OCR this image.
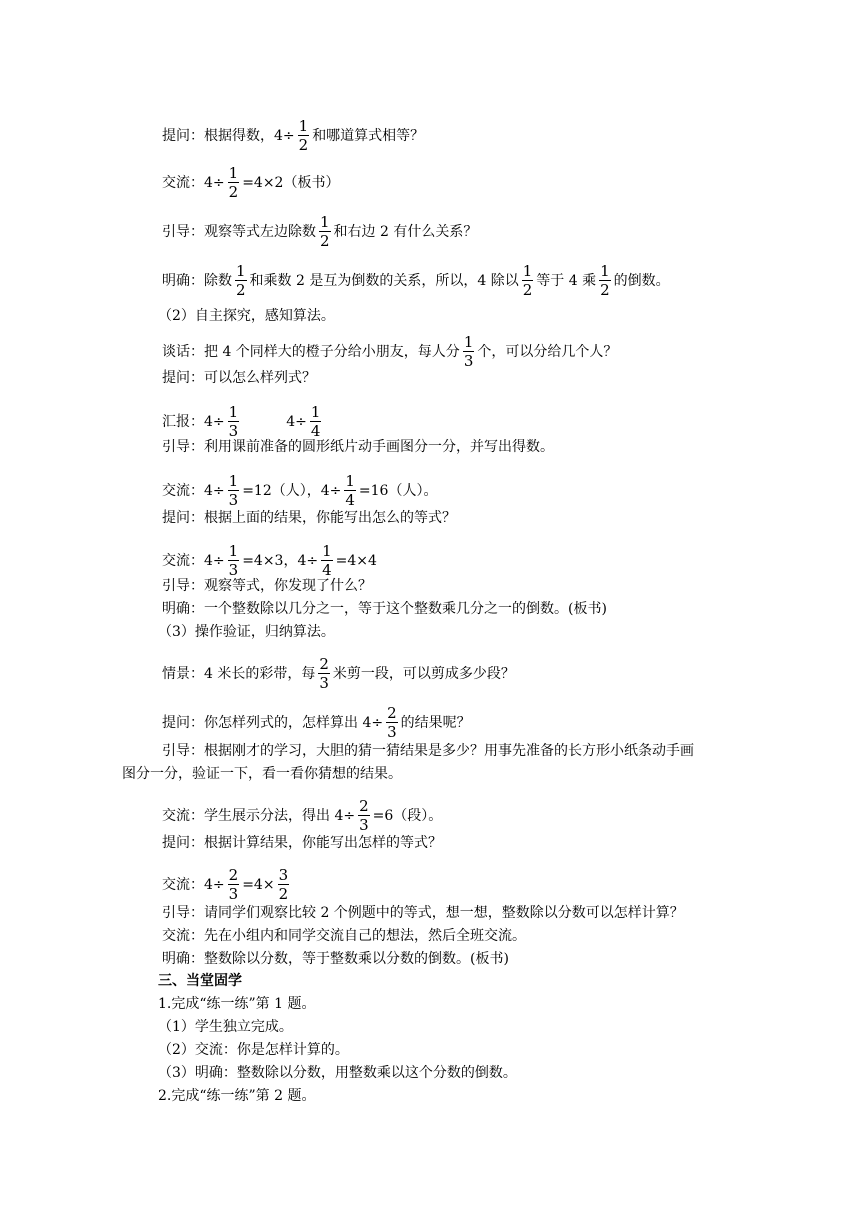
提问：根据得数，$4\div \frac{1}{2}$ 和哪道算式相等？
交流：$4\div \frac{1}{2} =4\times 2$（板书）
引导：观察等式左边除数 $\frac{1}{2}$ 和右边 2 有什么关系？
明确：除数 $\frac{1}{2}$ 和乘数 2 是互为倒数的关系，所以，4 除以 $\frac{1}{2}$ 等于 4 乘 $\frac{1}{2}$ 的倒数。
（2）自主探究，感知算法。
谈话：把 4 个同样大的橙子分给小朋友，每人分 $\frac{1}{3}$ 个，可以分给几个人？
提问：可以怎么样列式？
汇报：$4\div \frac{1}{3}$	$4\div \frac{1}{4}$
引导：利用课前准备的圆形纸片动手画图分一分，并写出得数。
交流：$4\div \frac{1}{3} =12$（人），$4\div \frac{1}{4} =16$（人）。
提问：根据上面的结果，你能写出怎么的等式？
交流：$4\div \frac{1}{3} =4\times 3$，$4\div \frac{1}{4} =4\times 4$
引导：观察等式，你发现了什么？
明确：一个整数除以几分之一，等于这个整数乘几分之一的倒数。(板书)
（3）操作验证，归纳算法。
情景：4 米长的彩带，每 $\frac{2}{3}$ 米剪一段，可以剪成多少段？
提问：你怎样列式的，怎样算出 $4\div \frac{2}{3}$ 的结果呢？
引导：根据刚才的学习，大胆的猜一猜结果是多少？用事先准备的长方形小纸条动手画
图分一分，验证一下，看一看你猜想的结果。
交流：学生展示分法，得出 $4\div \frac{2}{3} =6$（段）。
提问：根据计算结果，你能写出怎样的等式？
交流：$4\div \frac{2}{3} =4\times \frac{3}{2}$
引导：请同学们观察比较 2 个例题中的等式，想一想，整数除以分数可以怎样计算？
交流：先在小组内和同学交流自己的想法，然后全班交流。
明确：整数除以分数，等于整数乘以分数的倒数。(板书)
三、当堂固学
1.完成“练一练”第 1 题。
（1）学生独立完成。
（2）交流：你是怎样计算的。
（3）明确：整数除以分数，用整数乘以这个分数的倒数。
2.完成“练一练”第 2 题。
